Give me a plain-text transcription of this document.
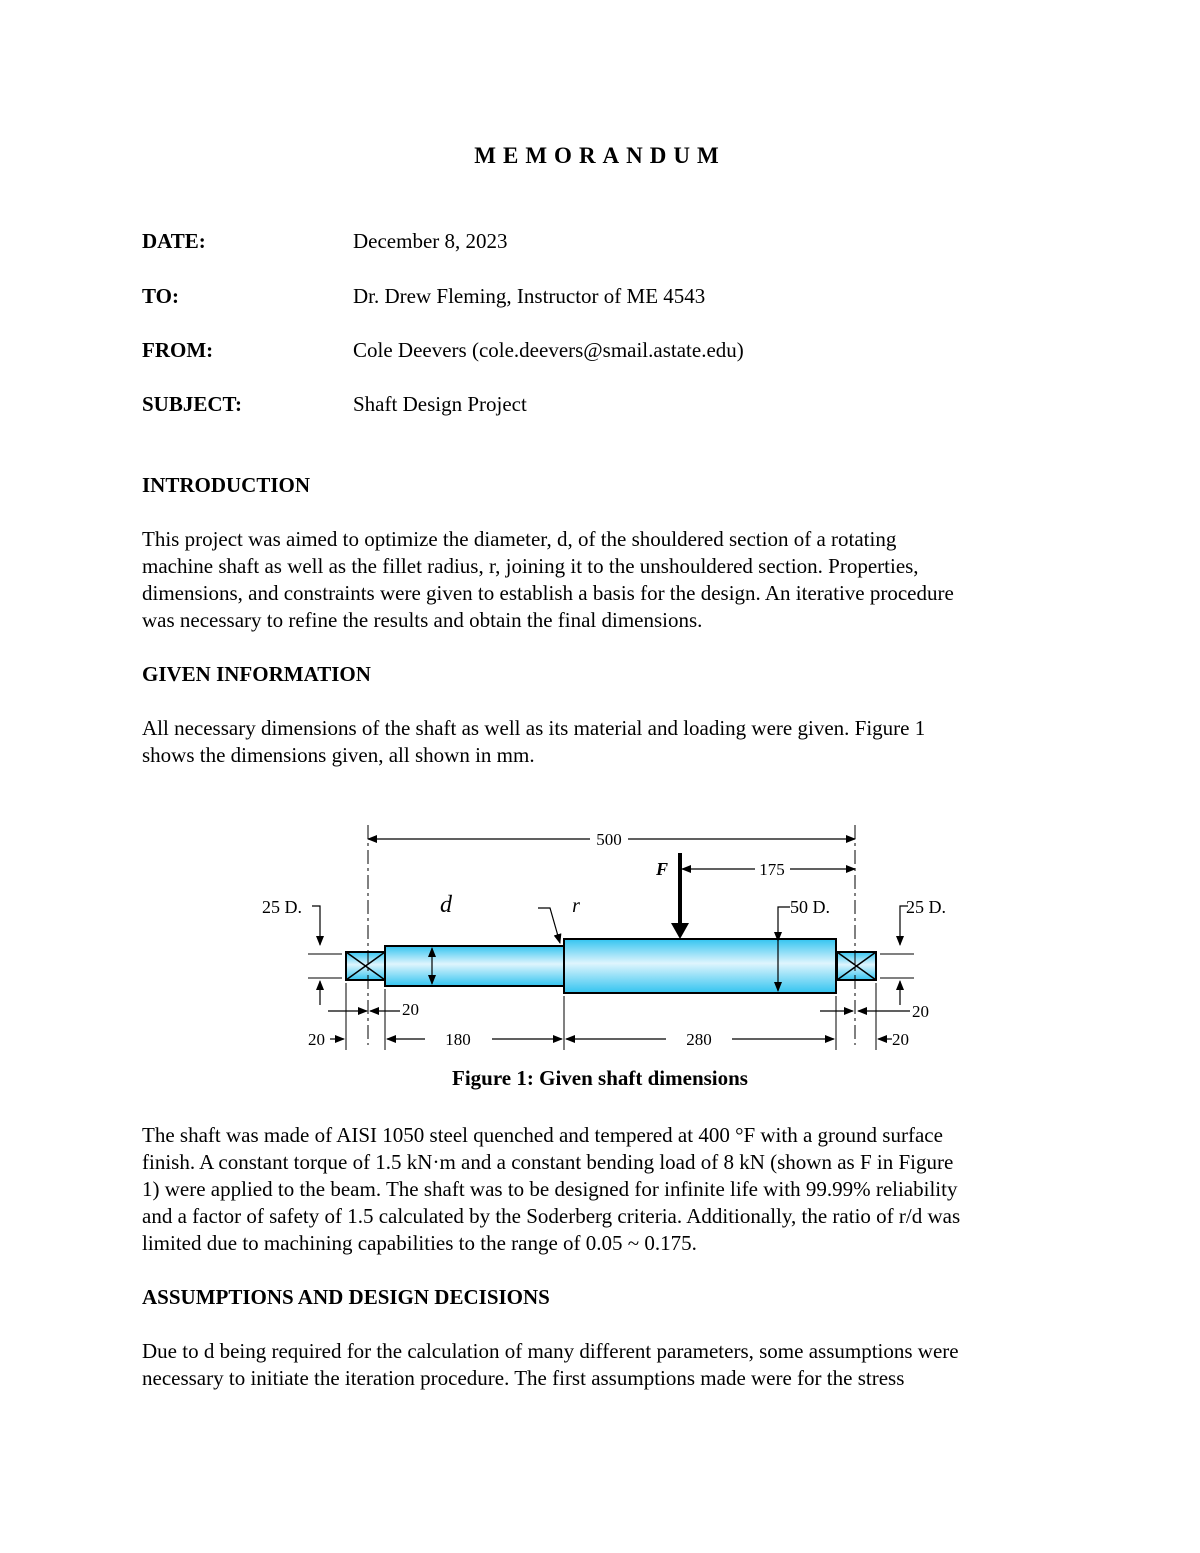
MEMORANDUM
DATE:	December 8, 2023
TO:	Dr. Drew Fleming, Instructor of ME 4543
FROM:	Cole Deevers (cole.deevers@smail.astate.edu)
SUBJECT:	Shaft Design Project
INTRODUCTION
This project was aimed to optimize the diameter, d, of the shouldered section of a rotating
machine shaft as well as the fillet radius, r, joining it to the unshouldered section. Properties,
dimensions, and constraints were given to establish a basis for the design. An iterative procedure
was necessary to refine the results and obtain the final dimensions.
GIVEN INFORMATION
All necessary dimensions of the shaft as well as its material and loading were given. Figure 1
shows the dimensions given, all shown in mm.
500
F	175
25 D.	d	r	50 D.	25 D.
20
20	180	280
20
20
Figure 1: Given shaft dimensions
The shaft was made of AISI 1050 steel quenched and tempered at 400 °F with a ground surface
finish. A constant torque of 1.5 kN·m and a constant bending load of 8 kN (shown as F in Figure
1) were applied to the beam. The shaft was to be designed for infinite life with 99.99% reliability
and a factor of safety of 1.5 calculated by the Soderberg criteria. Additionally, the ratio of r/d was
limited due to machining capabilities to the range of 0.05 ~ 0.175.
ASSUMPTIONS AND DESIGN DECISIONS
Due to d being required for the calculation of many different parameters, some assumptions were
necessary to initiate the iteration procedure. The first assumptions made were for the stress
